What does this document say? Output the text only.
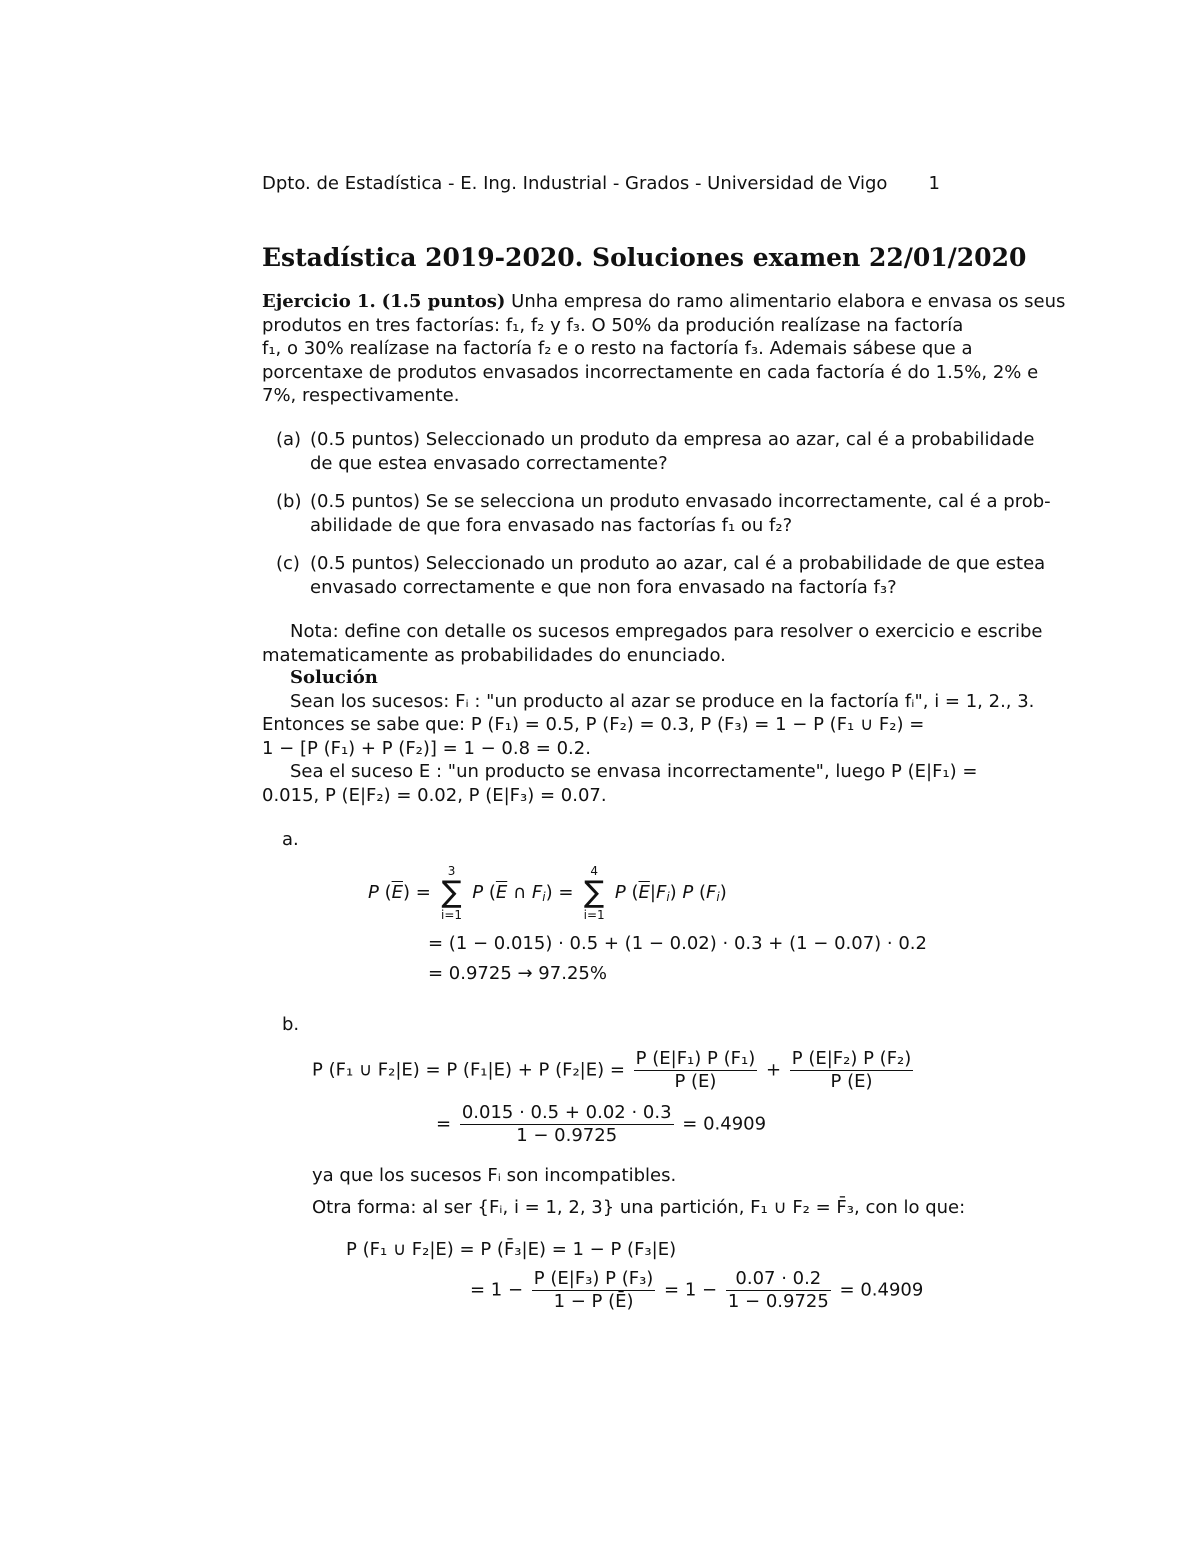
Dpto. de Estadística - E. Ing. Industrial - Grados - Universidad de Vigo 1
Estadística 2019-2020. Soluciones examen 22/01/2020
Ejercicio 1. (1.5 puntos) Unha empresa do ramo alimentario elabora e envasa os seus
produtos en tres factorías: f₁, f₂ y f₃. O 50% da produción realízase na factoría
f₁, o 30% realízase na factoría f₂ e o resto na factoría f₃. Ademais sábese que a
porcentaxe de produtos envasados incorrectamente en cada factoría é do 1.5%, 2% e
7%, respectivamente.
(a) (0.5 puntos) Seleccionado un produto da empresa ao azar, cal é a probabilidade
de que estea envasado correctamente?
(b) (0.5 puntos) Se se selecciona un produto envasado incorrectamente, cal é a prob-
abilidade de que fora envasado nas factorías f₁ ou f₂?
(c) (0.5 puntos) Seleccionado un produto ao azar, cal é a probabilidade de que estea
envasado correctamente e que non fora envasado na factoría f₃?
Nota: define con detalle os sucesos empregados para resolver o exercicio e escribe
matematicamente as probabilidades do enunciado.
Solución
Sean los sucesos: Fᵢ : "un producto al azar se produce en la factoría fᵢ", i = 1, 2., 3.
Entonces se sabe que: P (F₁) = 0.5, P (F₂) = 0.3, P (F₃) = 1 − P (F₁ ∪ F₂) =
1 − [P (F₁) + P (F₂)] = 1 − 0.8 = 0.2.
Sea el suceso E : "un producto se envasa incorrectamente", luego P (E|F₁) =
0.015, P (E|F₂) = 0.02, P (E|F₃) = 0.07.
a.
P $(\overline{E})$ =
3
∑
i=1
P ($\overline{E}$ ∩ $F_i$) =
4
∑
i=1
P $(\overline{E}|F_i)$ P $(F_i)$
= (1 − 0.015) · 0.5 + (1 − 0.02) · 0.3 + (1 − 0.07) · 0.2
= 0.9725 → 97.25%
b.
P (F₁ ∪ F₂|E) = P (F₁|E) + P $(F_2|E) = \frac{\text{P (E|F₁) P (F₁)}}{P (E)} + \frac{\text{P (E|F₂) P (F₂)}}{P (E)}$
= $\frac{0.015 \cdot 0.5 + 0.02 \cdot 0.3}{1 - 0.9725} = 0.4909$
ya que los sucesos Fᵢ son incompatibles.
Otra forma: al ser {Fᵢ, i = 1, 2, 3} una partición, F₁ ∪ F₂ = F̄₃, con lo que:
P (F₁ ∪ F₂|E) = P (F̄₃|E) = 1 − P (F₃|E)
= $1 - \frac{\text{P (E|F₃) P (F₃)}}{1 - P (Ē)} = 1 - \frac{0.07 \cdot 0.2}{1 - 0.9725} = 0.4909$
